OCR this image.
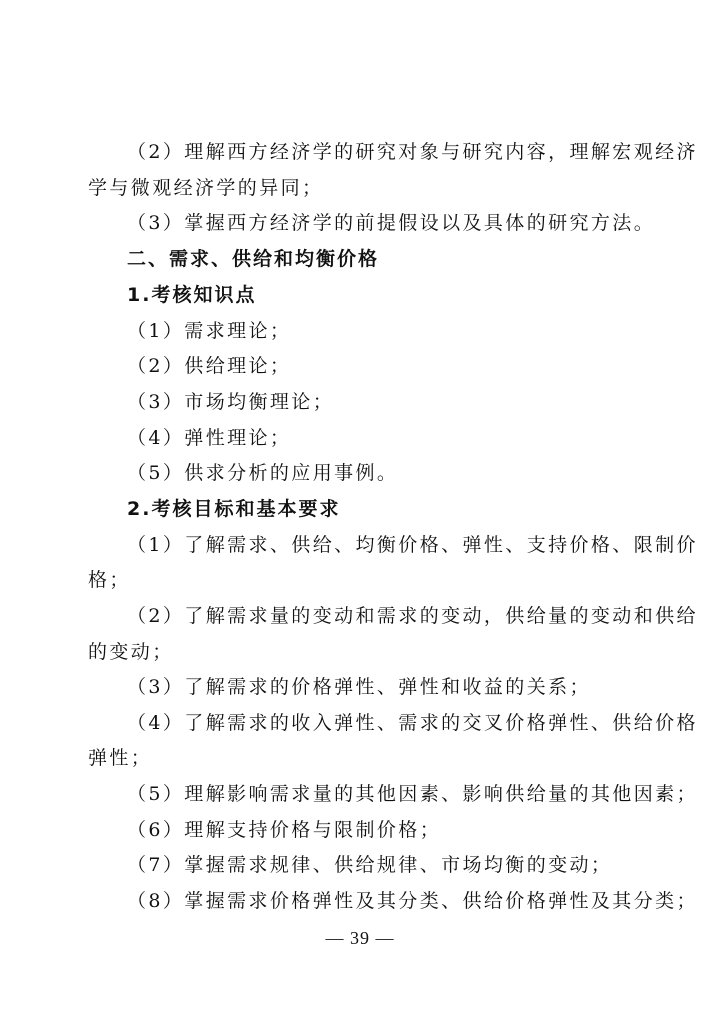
（2）理解西方经济学的研究对象与研究内容，理解宏观经济
学与微观经济学的异同；
（3）掌握西方经济学的前提假设以及具体的研究方法。
二、需求、供给和均衡价格
1.考核知识点
（1）需求理论；
（2）供给理论；
（3）市场均衡理论；
（4）弹性理论；
（5）供求分析的应用事例。
2.考核目标和基本要求
（1）了解需求、供给、均衡价格、弹性、支持价格、限制价
格；
（2）了解需求量的变动和需求的变动，供给量的变动和供给
的变动；
（3）了解需求的价格弹性、弹性和收益的关系；
（4）了解需求的收入弹性、需求的交叉价格弹性、供给价格
弹性；
（5）理解影响需求量的其他因素、影响供给量的其他因素；
（6）理解支持价格与限制价格；
（7）掌握需求规律、供给规律、市场均衡的变动；
（8）掌握需求价格弹性及其分类、供给价格弹性及其分类；
— 39 —
